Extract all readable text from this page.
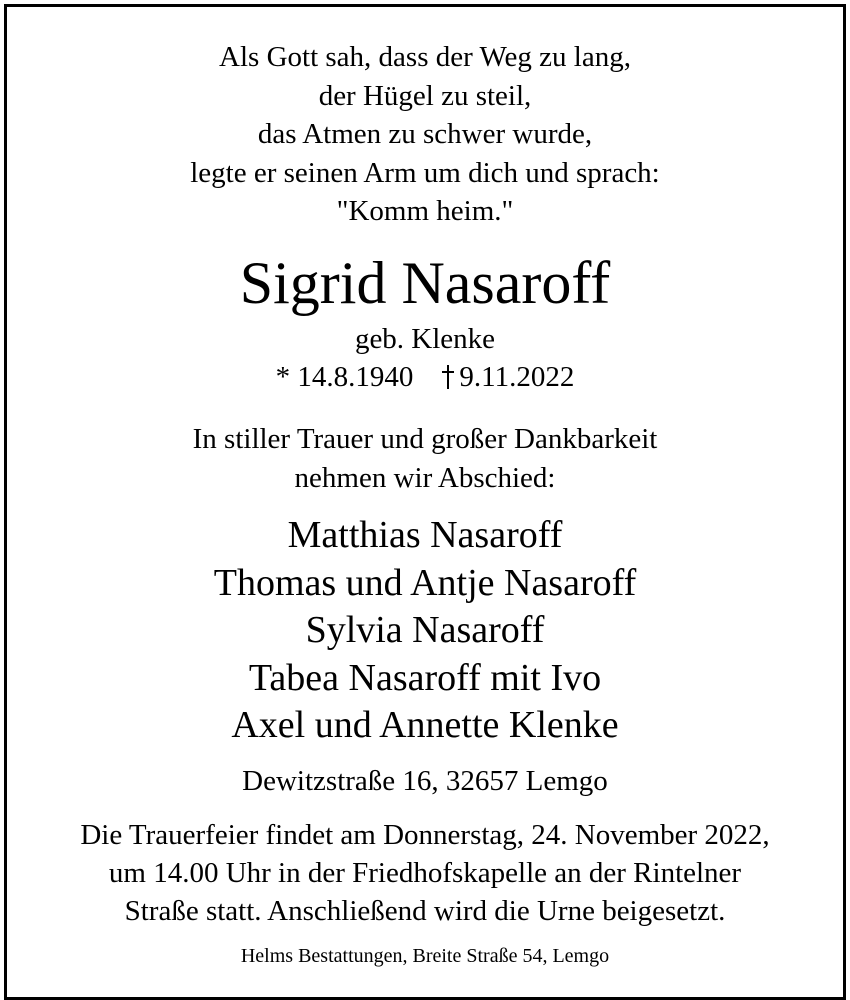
Als Gott sah, dass der Weg zu lang,
der Hügel zu steil,
das Atmen zu schwer wurde,
legte er seinen Arm um dich und sprach:
"Komm heim."
Sigrid Nasaroff
geb. Klenke
* 14.8.1940 9.11.2022
In stiller Trauer und großer Dankbarkeit
nehmen wir Abschied:
Matthias Nasaroff
Thomas und Antje Nasaroff
Sylvia Nasaroff
Tabea Nasaroff mit Ivo
Axel und Annette Klenke
Dewitzstraße 16, 32657 Lemgo
Die Trauerfeier findet am Donnerstag, 24. November 2022,
um 14.00 Uhr in der Friedhofskapelle an der Rintelner
Straße statt. Anschließend wird die Urne beigesetzt.
Helms Bestattungen, Breite Straße 54, Lemgo
